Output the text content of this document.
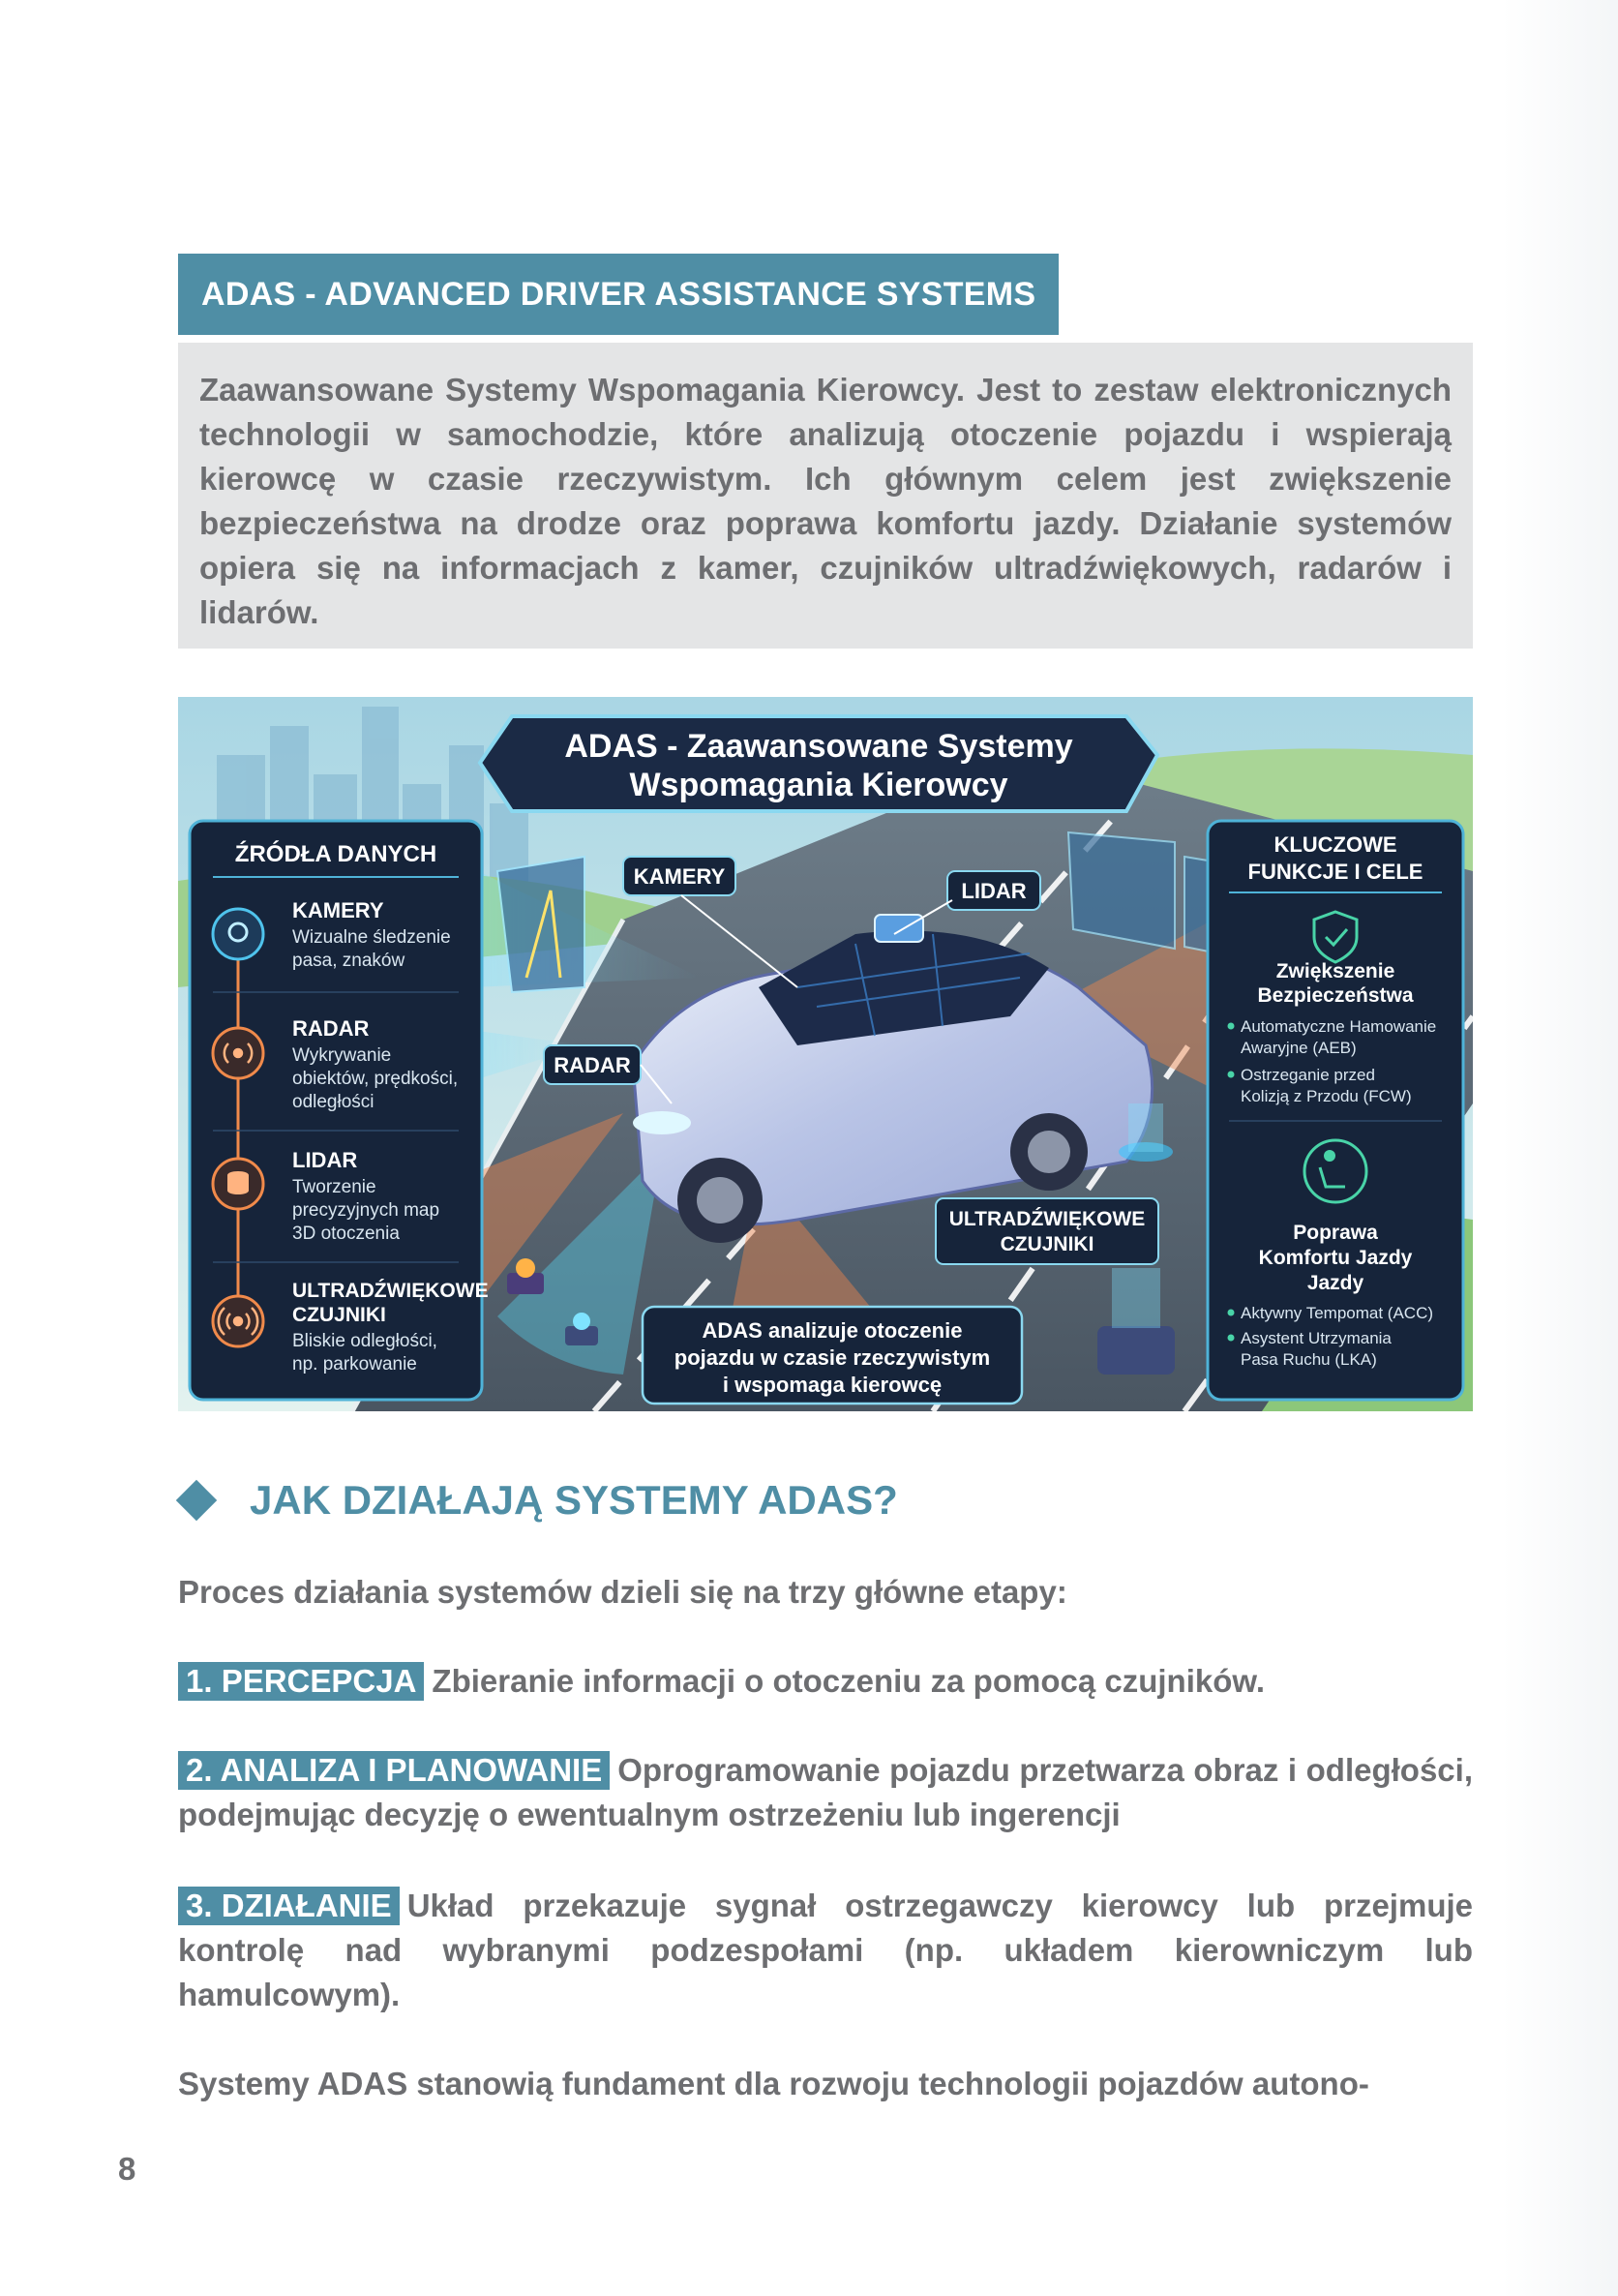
ADAS - ADVANCED DRIVER ASSISTANCE SYSTEMS

Zaawansowane Systemy Wspomagania Kierowcy. Jest to zestaw elektronicznych technologii w samochodzie, które analizują otoczenie pojazdu i wspierają kierowcę w czasie rzeczywistym. Ich głównym celem jest zwiększenie bezpieczeństwa na drodze oraz poprawa komfortu jazdy. Działanie systemów opiera się na informacjach z kamer, czujników ultradźwiękowych, radarów i lidarów.

ADAS - Zaawansowane Systemy
Wspomagania Kierowcy
ŹRÓDŁA DANYCH
KAMERY
Wizualne śledzenie
pasa, znaków
RADAR
Wykrywanie
obiektów, prędkości,
odległości
LIDAR
Tworzenie
precyzyjnych map
3D otoczenia
ULTRADŹWIĘKOWE
CZUJNIKI
Bliskie odległości,
np. parkowanie
KAMERY
LIDAR
RADAR
ULTRADŹWIĘKOWE
CZUJNIKI
ADAS analizuje otoczenie
pojazdu w czasie rzeczywistym
i wspomaga kierowcę
KLUCZOWE
FUNKCJE I CELE
Zwiększenie
Bezpieczeństwa
Automatyczne Hamowanie
Awaryjne (AEB)
Ostrzeganie przed
Kolizją z Przodu (FCW)
Poprawa
Komfortu Jazdy
Jazdy
Aktywny Tempomat (ACC)
Asystent Utrzymania
Pasa Ruchu (LKA)
JAK DZIAŁAJĄ SYSTEMY ADAS?

Proces działania systemów dzieli się na trzy główne etapy:

1. PERCEPCJA Zbieranie informacji o otoczeniu za pomocą czujników.

2. ANALIZA I PLANOWANIE Oprogramowanie pojazdu przetwarza obraz i odległości, podejmując decyzję o ewentualnym ostrzeżeniu lub ingerencji

3. DZIAŁANIE Układ przekazuje sygnał ostrzegawczy kierowcy lub przejmuje kontrolę nad wybranymi podzespołami (np. układem kierowniczym lub hamulcowym).

Systemy ADAS stanowią fundament dla rozwoju technologii pojazdów autono-

8
